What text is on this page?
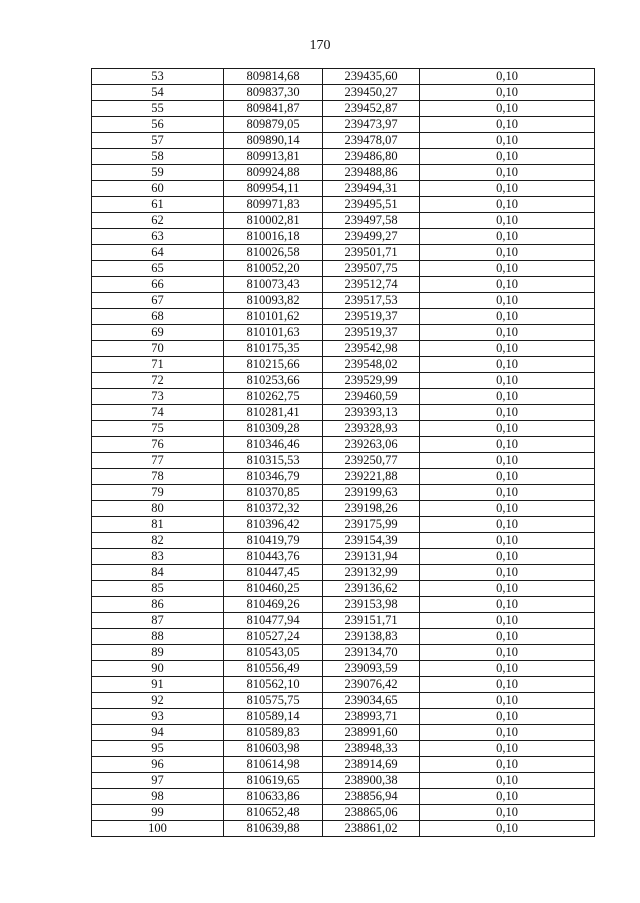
170
53	809814,68	239435,60	0,10
54	809837,30	239450,27	0,10
55	809841,87	239452,87	0,10
56	809879,05	239473,97	0,10
57	809890,14	239478,07	0,10
58	809913,81	239486,80	0,10
59	809924,88	239488,86	0,10
60	809954,11	239494,31	0,10
61	809971,83	239495,51	0,10
62	810002,81	239497,58	0,10
63	810016,18	239499,27	0,10
64	810026,58	239501,71	0,10
65	810052,20	239507,75	0,10
66	810073,43	239512,74	0,10
67	810093,82	239517,53	0,10
68	810101,62	239519,37	0,10
69	810101,63	239519,37	0,10
70	810175,35	239542,98	0,10
71	810215,66	239548,02	0,10
72	810253,66	239529,99	0,10
73	810262,75	239460,59	0,10
74	810281,41	239393,13	0,10
75	810309,28	239328,93	0,10
76	810346,46	239263,06	0,10
77	810315,53	239250,77	0,10
78	810346,79	239221,88	0,10
79	810370,85	239199,63	0,10
80	810372,32	239198,26	0,10
81	810396,42	239175,99	0,10
82	810419,79	239154,39	0,10
83	810443,76	239131,94	0,10
84	810447,45	239132,99	0,10
85	810460,25	239136,62	0,10
86	810469,26	239153,98	0,10
87	810477,94	239151,71	0,10
88	810527,24	239138,83	0,10
89	810543,05	239134,70	0,10
90	810556,49	239093,59	0,10
91	810562,10	239076,42	0,10
92	810575,75	239034,65	0,10
93	810589,14	238993,71	0,10
94	810589,83	238991,60	0,10
95	810603,98	238948,33	0,10
96	810614,98	238914,69	0,10
97	810619,65	238900,38	0,10
98	810633,86	238856,94	0,10
99	810652,48	238865,06	0,10
100	810639,88	238861,02	0,10
